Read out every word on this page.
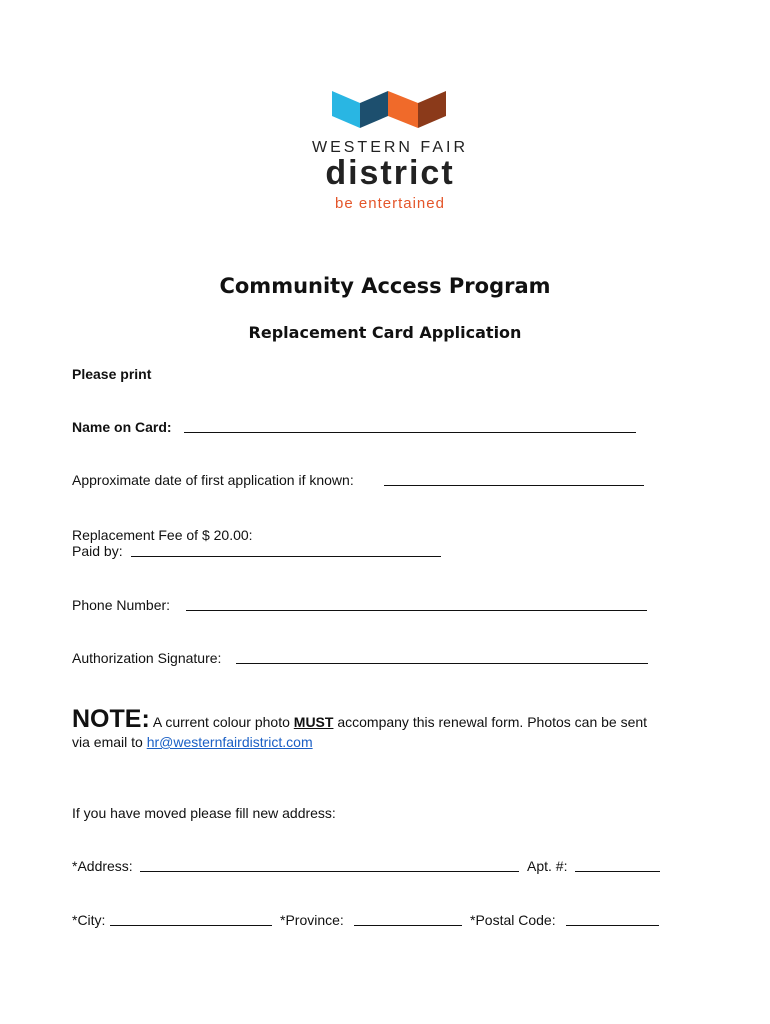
WESTERN FAIR
district
be entertained
Community Access Program
Replacement Card Application
Please print
Name on Card:
Approximate date of first application if known:
Replacement Fee of $ 20.00:
Paid by:
Phone Number:
Authorization Signature:
NOTE: A current colour photo MUST accompany this renewal form. Photos can be sent
via email to hr@westernfairdistrict.com
If you have moved please fill new address:
*Address:	Apt. #:
*City:	*Province:	*Postal Code:
